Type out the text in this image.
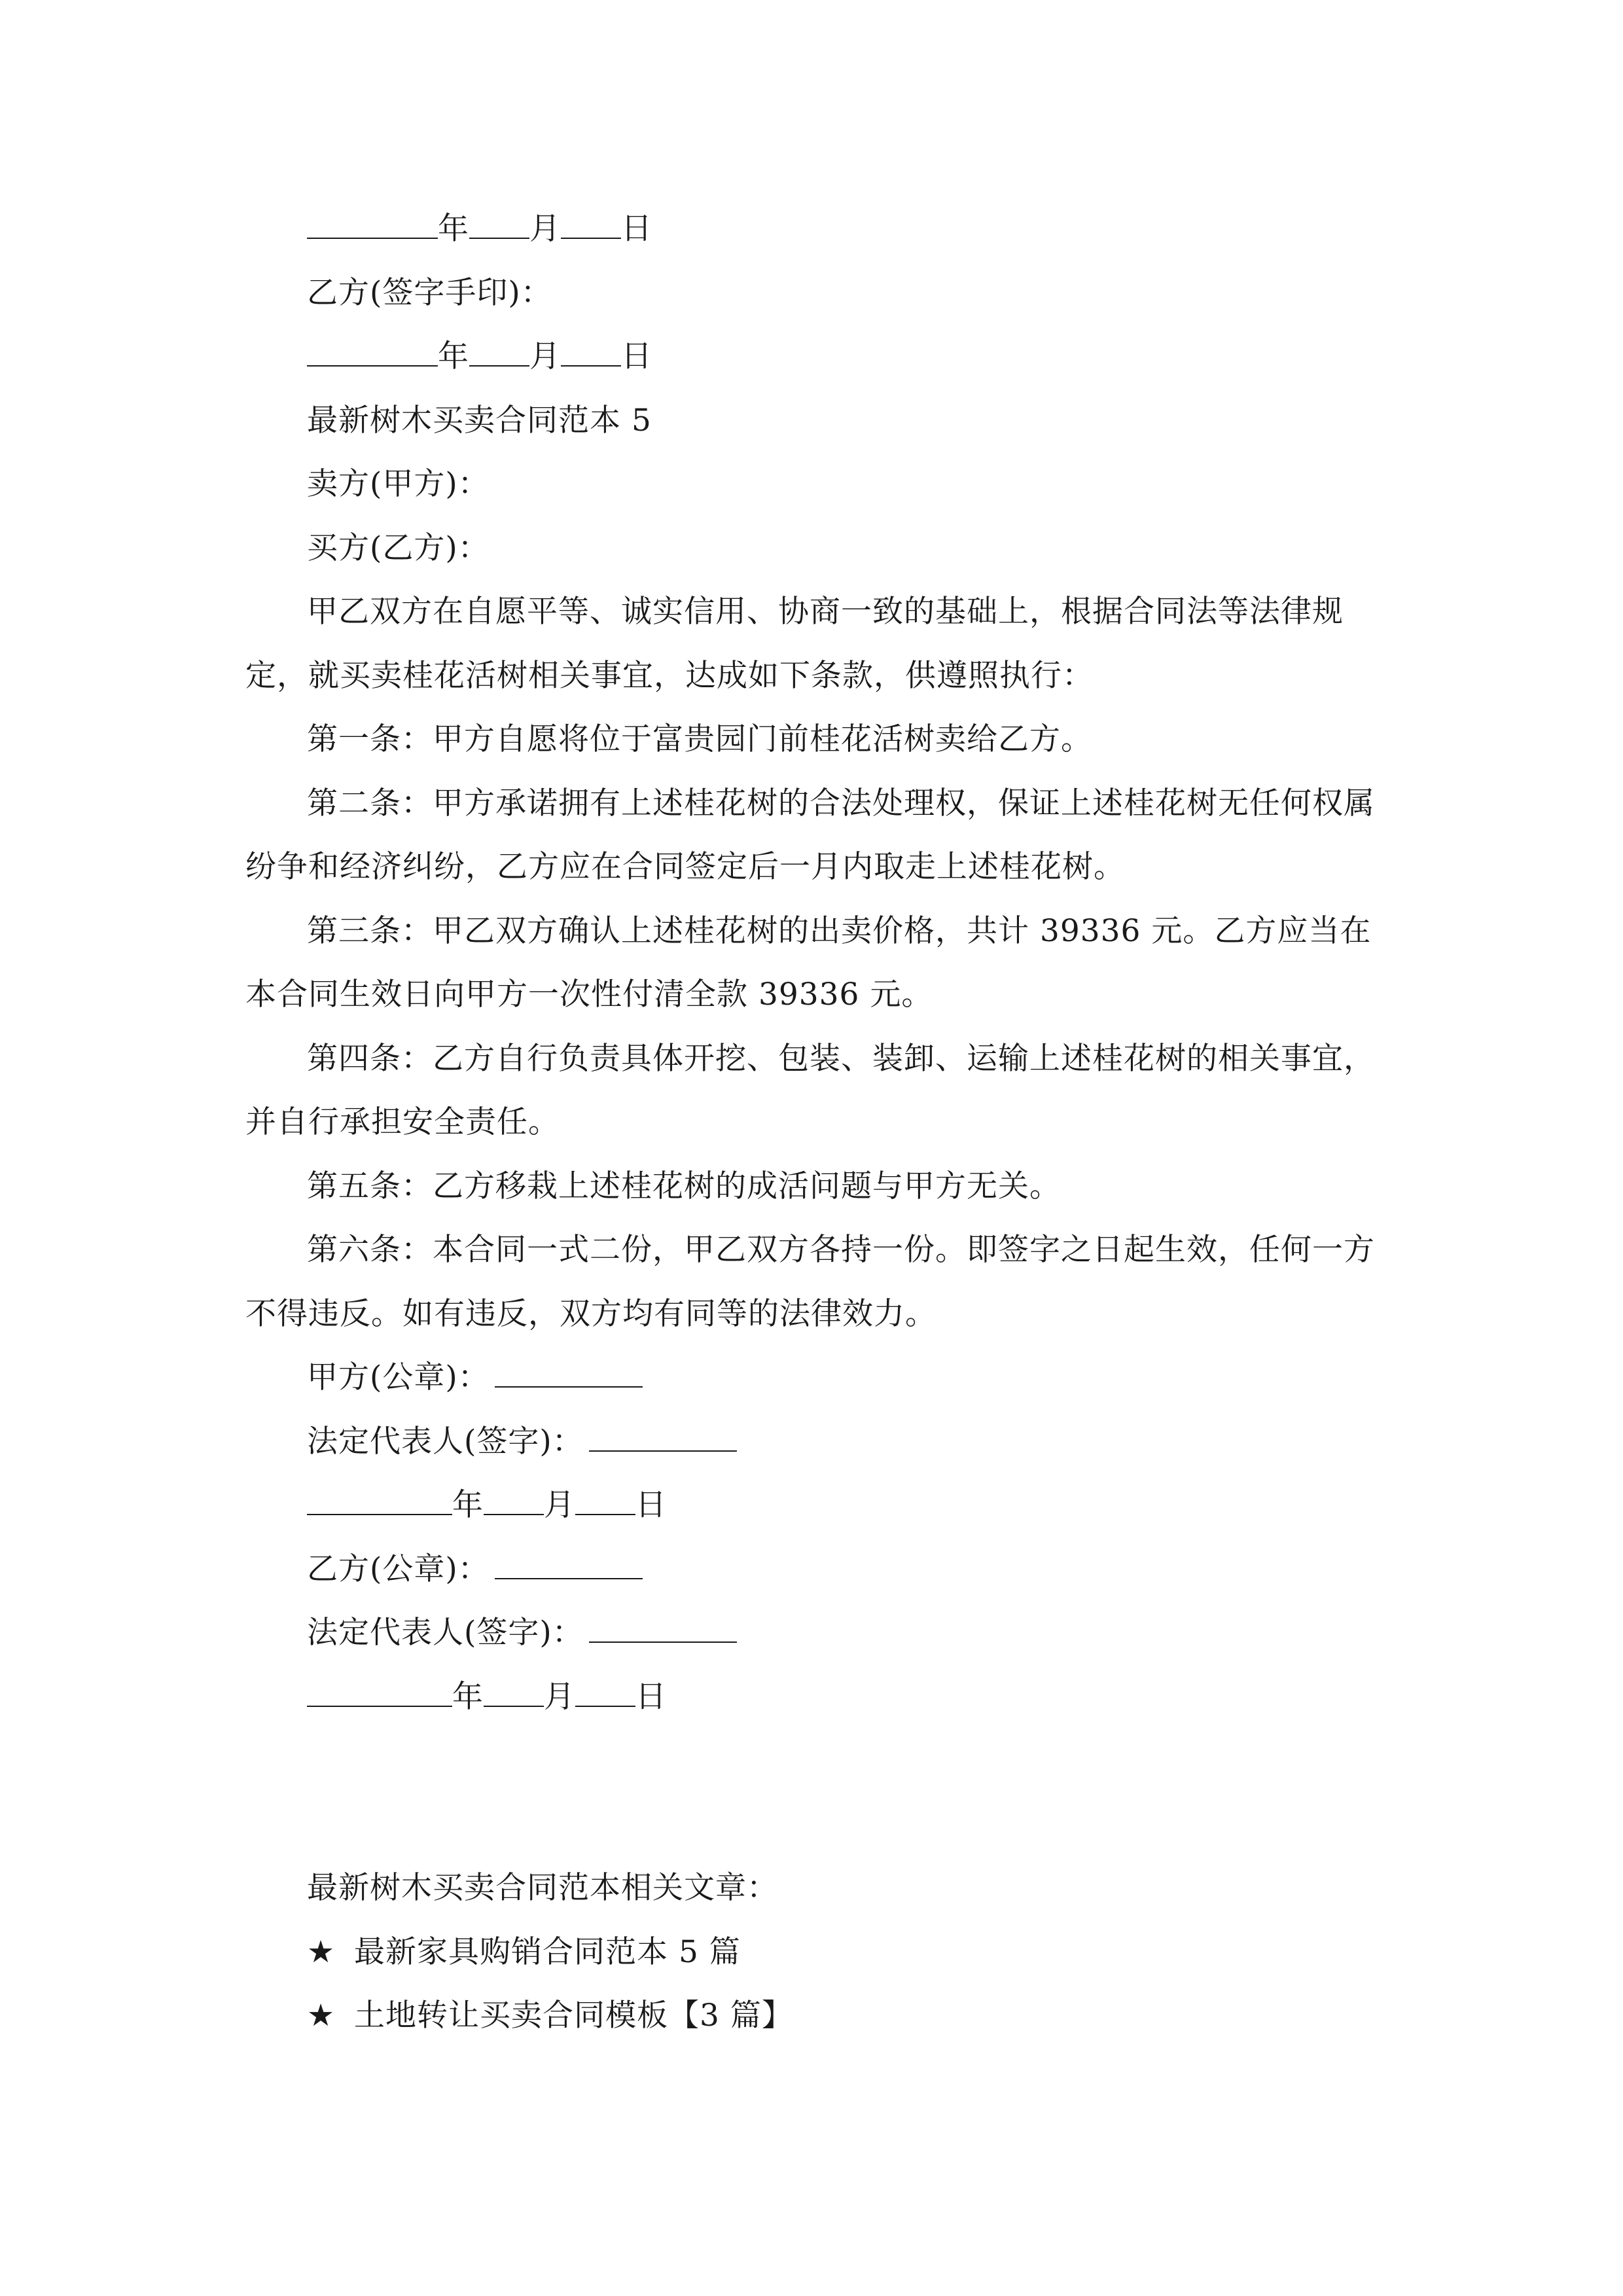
年 月 日

乙方(签字手印)：

年 月 日

最新树木买卖合同范本 5

卖方(甲方)：

买方(乙方)：

甲乙双方在自愿平等、诚实信用、协商一致的基础上，根据合同法等法律规定，就买卖桂花活树相关事宜，达成如下条款，供遵照执行：

第一条：甲方自愿将位于富贵园门前桂花活树卖给乙方。

第二条：甲方承诺拥有上述桂花树的合法处理权，保证上述桂花树无任何权属纷争和经济纠纷，乙方应在合同签定后一月内取走上述桂花树。

第三条：甲乙双方确认上述桂花树的出卖价格，共计 39336 元。乙方应当在本合同生效日向甲方一次性付清全款 39336 元。

第四条：乙方自行负责具体开挖、包装、装卸、运输上述桂花树的相关事宜，并自行承担安全责任。

第五条：乙方移栽上述桂花树的成活问题与甲方无关。

第六条：本合同一式二份，甲乙双方各持一份。即签字之日起生效，任何一方不得违反。如有违反，双方均有同等的法律效力。

甲方(公章)：

法定代表人(签字)：

年 月 日

乙方(公章)：

法定代表人(签字)：

年 月 日

最新树木买卖合同范本相关文章：

★ 最新家具购销合同范本 5 篇

★ 土地转让买卖合同模板【3 篇】
